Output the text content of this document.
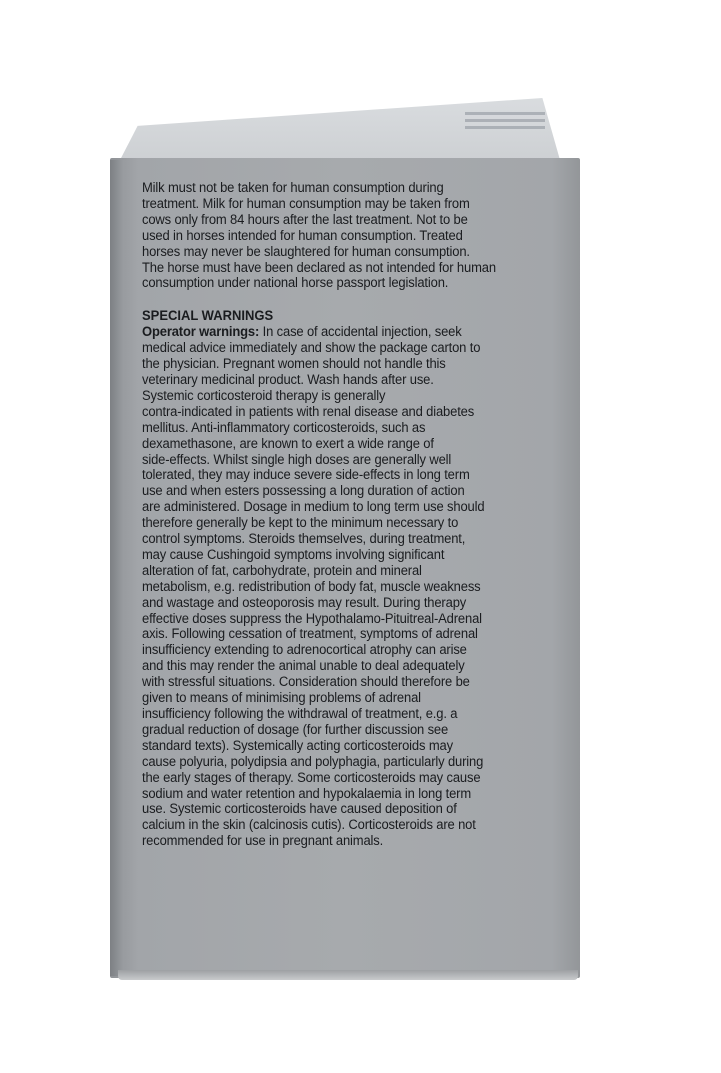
Milk must not be taken for human consumption during
treatment. Milk for human consumption may be taken from
cows only from 84 hours after the last treatment. Not to be
used in horses intended for human consumption. Treated
horses may never be slaughtered for human consumption.
The horse must have been declared as not intended for human
consumption under national horse passport legislation.

SPECIAL WARNINGS

Operator warnings: In case of accidental injection, seek
medical advice immediately and show the package carton to
the physician. Pregnant women should not handle this
veterinary medicinal product. Wash hands after use.
Systemic corticosteroid therapy is generally
contra-indicated in patients with renal disease and diabetes
mellitus. Anti-inflammatory corticosteroids, such as
dexamethasone, are known to exert a wide range of
side-effects. Whilst single high doses are generally well
tolerated, they may induce severe side-effects in long term
use and when esters possessing a long duration of action
are administered. Dosage in medium to long term use should
therefore generally be kept to the minimum necessary to
control symptoms. Steroids themselves, during treatment,
may cause Cushingoid symptoms involving significant
alteration of fat, carbohydrate, protein and mineral
metabolism, e.g. redistribution of body fat, muscle weakness
and wastage and osteoporosis may result. During therapy
effective doses suppress the Hypothalamo-Pituitreal-Adrenal
axis. Following cessation of treatment, symptoms of adrenal
insufficiency extending to adrenocortical atrophy can arise
and this may render the animal unable to deal adequately
with stressful situations. Consideration should therefore be
given to means of minimising problems of adrenal
insufficiency following the withdrawal of treatment, e.g. a
gradual reduction of dosage (for further discussion see
standard texts). Systemically acting corticosteroids may
cause polyuria, polydipsia and polyphagia, particularly during
the early stages of therapy. Some corticosteroids may cause
sodium and water retention and hypokalaemia in long term
use. Systemic corticosteroids have caused deposition of
calcium in the skin (calcinosis cutis). Corticosteroids are not
recommended for use in pregnant animals.
